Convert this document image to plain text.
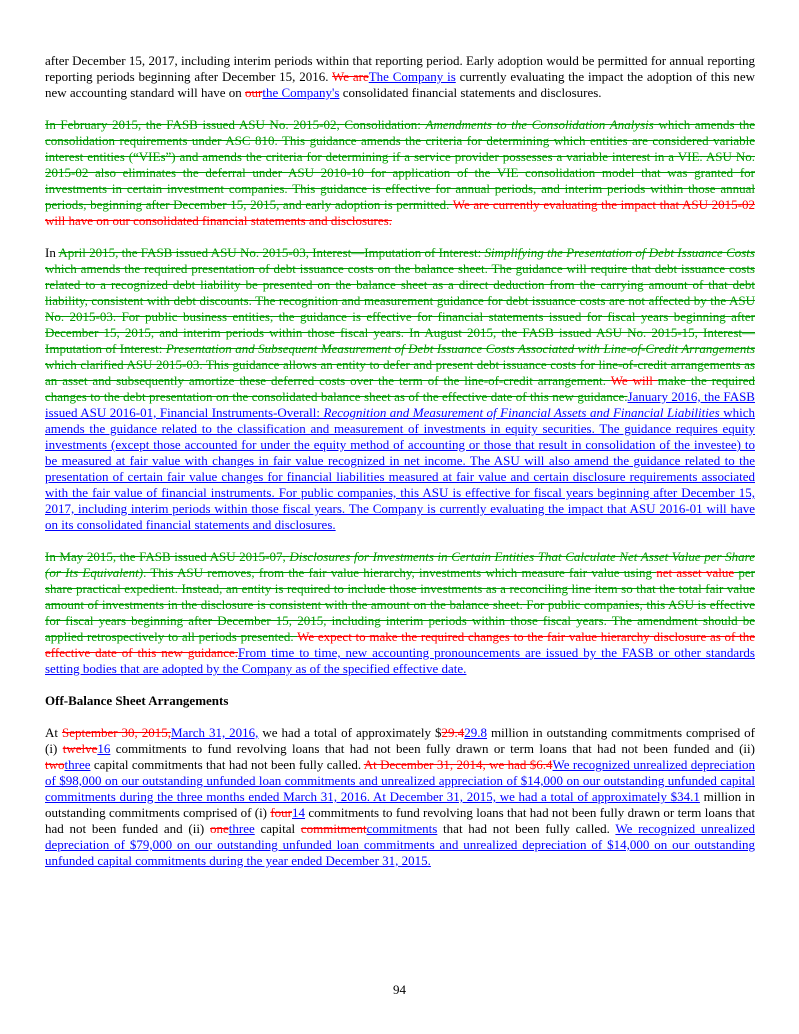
after December 15, 2017, including interim periods within that reporting period. Early adoption would be permitted for annual reporting reporting periods beginning after December 15, 2016. We areThe Company is currently evaluating the impact the adoption of this new new accounting standard will have on ourthe Company's consolidated financial statements and disclosures.

In February 2015, the FASB issued ASU No. 2015-02, Consolidation: Amendments to the Consolidation Analysis which amends the consolidation requirements under ASC 810. This guidance amends the criteria for determining which entities are considered variable interest entities (“VIEs”) and amends the criteria for determining if a service provider possesses a variable interest in a VIE. ASU No. 2015-02 also eliminates the deferral under ASU 2010-10 for application of the VIE consolidation model that was granted for investments in certain investment companies. This guidance is effective for annual periods, and interim periods within those annual periods, beginning after December 15, 2015, and early adoption is permitted. We are currently evaluating the impact that ASU 2015-02 will have on our consolidated financial statements and disclosures.

In April 2015, the FASB issued ASU No. 2015-03, Interest—Imputation of Interest: Simplifying the Presentation of Debt Issuance Costs which amends the required presentation of debt issuance costs on the balance sheet. The guidance will require that debt issuance costs related to a recognized debt liability be presented on the balance sheet as a direct deduction from the carrying amount of that debt liability, consistent with debt discounts. The recognition and measurement guidance for debt issuance costs are not affected by the ASU No. 2015-03. For public business entities, the guidance is effective for financial statements issued for fiscal years beginning after December 15, 2015, and interim periods within those fiscal years. In August 2015, the FASB issued ASU No. 2015-15, Interest—Imputation of Interest: Presentation and Subsequent Measurement of Debt Issuance Costs Associated with Line-of-Credit Arrangements which clarified ASU 2015-03. This guidance allows an entity to defer and present debt issuance costs for line-of-credit arrangements as an asset and subsequently amortize these deferred costs over the term of the line-of-credit arrangement. We will make the required changes to the debt presentation on the consolidated balance sheet as of the effective date of this new guidance.January 2016, the FASB issued ASU 2016-01, Financial Instruments-Overall: Recognition and Measurement of Financial Assets and Financial Liabilities which amends the guidance related to the classification and measurement of investments in equity securities. The guidance requires equity investments (except those accounted for under the equity method of accounting or those that result in consolidation of the investee) to be measured at fair value with changes in fair value recognized in net income. The ASU will also amend the guidance related to the presentation of certain fair value changes for financial liabilities measured at fair value and certain disclosure requirements associated with the fair value of financial instruments. For public companies, this ASU is effective for fiscal years beginning after December 15, 2017, including interim periods within those fiscal years. The Company is currently evaluating the impact that ASU 2016-01 will have on its consolidated financial statements and disclosures.

In May 2015, the FASB issued ASU 2015-07, Disclosures for Investments in Certain Entities That Calculate Net Asset Value per Share (or Its Equivalent). This ASU removes, from the fair value hierarchy, investments which measure fair value using net asset value per share practical expedient. Instead, an entity is required to include those investments as a reconciling line item so that the total fair value amount of investments in the disclosure is consistent with the amount on the balance sheet. For public companies, this ASU is effective for fiscal years beginning after December 15, 2015, including interim periods within those fiscal years. The amendment should be applied retrospectively to all periods presented. We expect to make the required changes to the fair value hierarchy disclosure as of the effective date of this new guidance.From time to time, new accounting pronouncements are issued by the FASB or other standards setting bodies that are adopted by the Company as of the specified effective date.

Off-Balance Sheet Arrangements

At September 30, 2015,March 31, 2016, we had a total of approximately $29.429.8 million in outstanding commitments comprised of (i) twelve16 commitments to fund revolving loans that had not been fully drawn or term loans that had not been funded and (ii) twothree capital commitments that had not been fully called. At December 31, 2014, we had $6.4We recognized unrealized depreciation of $98,000 on our outstanding unfunded loan commitments and unrealized appreciation of $14,000 on our outstanding unfunded capital commitments during the three months ended March 31, 2016. At December 31, 2015, we had a total of approximately $34.1 million in outstanding commitments comprised of (i) four14 commitments to fund revolving loans that had not been fully drawn or term loans that had not been funded and (ii) onethree capital commitmentcommitments that had not been fully called. We recognized unrealized depreciation of $79,000 on our outstanding unfunded loan commitments and unrealized depreciation of $14,000 on our outstanding unfunded capital commitments during the year ended December 31, 2015.

94
